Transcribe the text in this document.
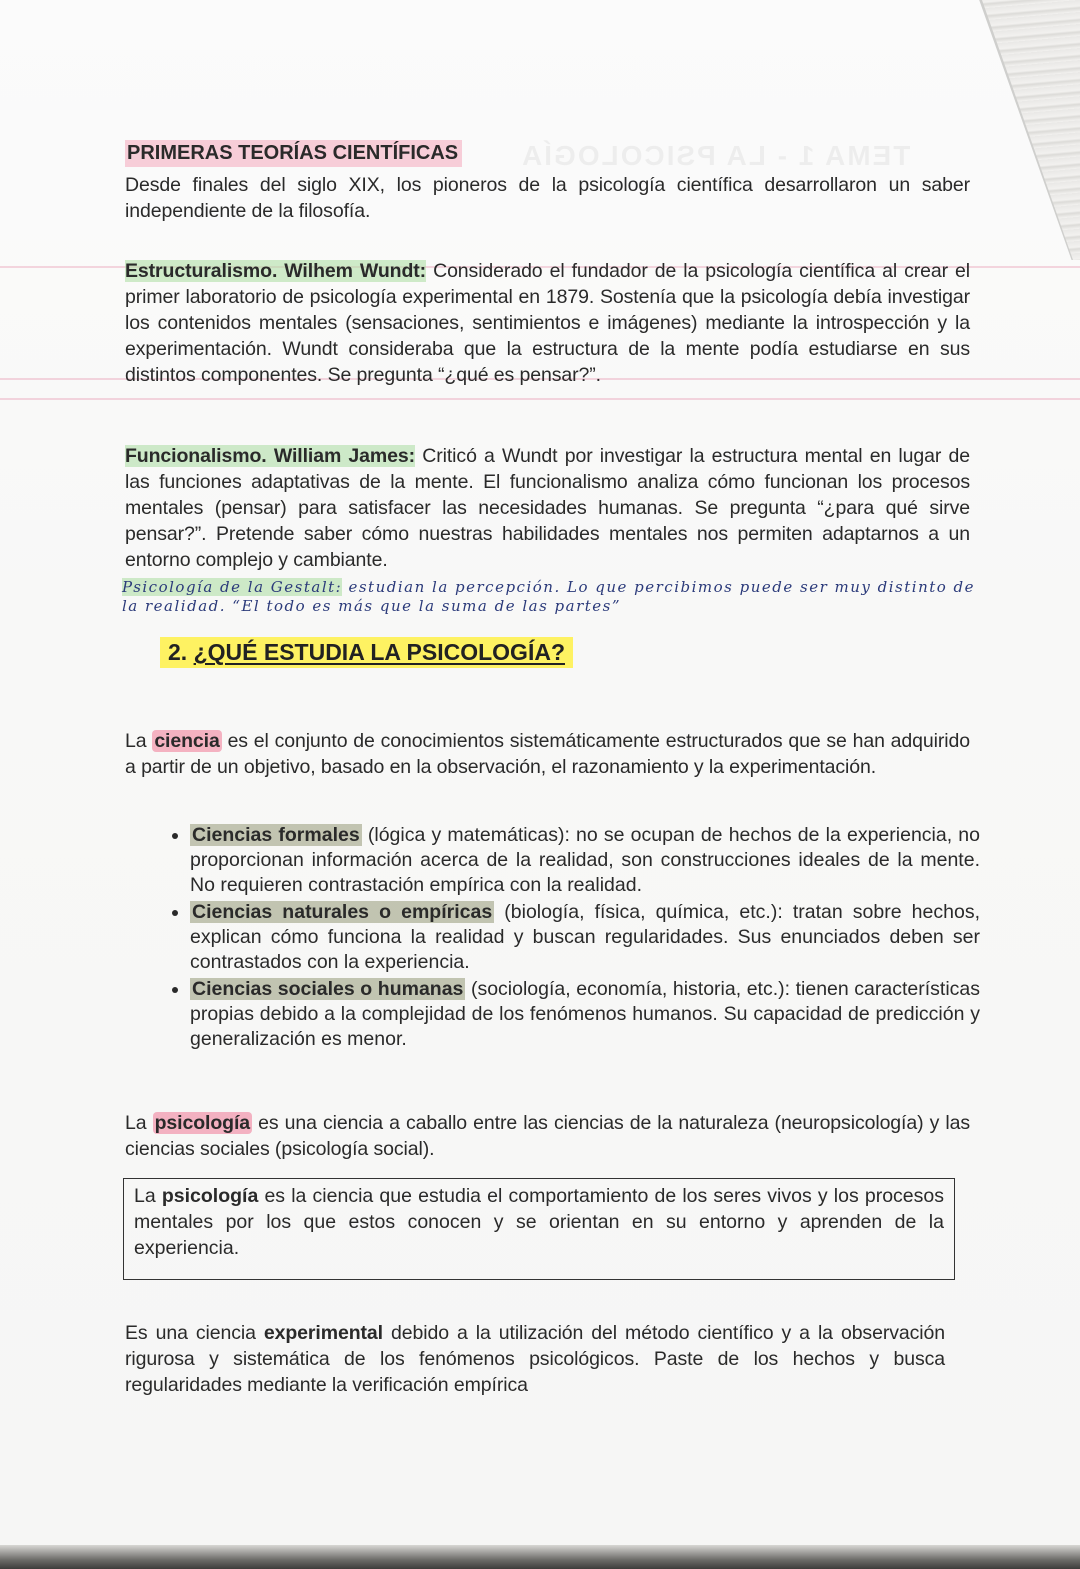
TEMA 1 - LA PSICOLOGÍA
PRIMERAS TEORÍAS CIENTÍFICAS

Desde finales del siglo XIX, los pioneros de la psicología científica desarrollaron un saber independiente de la filosofía.

Estructuralismo. Wilhem Wundt: Considerado el fundador de la psicología científica al crear el primer laboratorio de psicología experimental en 1879. Sostenía que la psicología debía investigar los contenidos mentales (sensaciones, sentimientos e imágenes) mediante la introspección y la experimentación. Wundt consideraba que la estructura de la mente podía estudiarse en sus distintos componentes. Se pregunta “¿qué es pensar?”.

Funcionalismo. William James: Criticó a Wundt por investigar la estructura mental en lugar de las funciones adaptativas de la mente. El funcionalismo analiza cómo funcionan los procesos mentales (pensar) para satisfacer las necesidades humanas. Se pregunta “¿para qué sirve pensar?”. Pretende saber cómo nuestras habilidades mentales nos permiten adaptarnos a un entorno complejo y cambiante.

Psicología de la Gestalt: estudian la percepción. Lo que percibimos puede ser muy distinto de la realidad. “El todo es más que la suma de las partes”
2. ¿QUÉ ESTUDIA LA PSICOLOGÍA?

La ciencia es el conjunto de conocimientos sistemáticamente estructurados que se han adquirido a partir de un objetivo, basado en la observación, el razonamiento y la experimentación.

• Ciencias formales (lógica y matemáticas): no se ocupan de hechos de la experiencia, no proporcionan información acerca de la realidad, son construcciones ideales de la mente. No requieren contrastación empírica con la realidad.
• Ciencias naturales o empíricas (biología, física, química, etc.): tratan sobre hechos, explican cómo funciona la realidad y buscan regularidades. Sus enunciados deben ser contrastados con la experiencia.
• Ciencias sociales o humanas (sociología, economía, historia, etc.): tienen características propias debido a la complejidad de los fenómenos humanos. Su capacidad de predicción y generalización es menor.

La psicología es una ciencia a caballo entre las ciencias de la naturaleza (neuropsicología) y las ciencias sociales (psicología social).

La psicología es la ciencia que estudia el comportamiento de los seres vivos y los procesos mentales por los que estos conocen y se orientan en su entorno y aprenden de la experiencia.

Es una ciencia experimental debido a la utilización del método científico y a la observación rigurosa y sistemática de los fenómenos psicológicos. Paste de los hechos y busca regularidades mediante la verificación empírica
